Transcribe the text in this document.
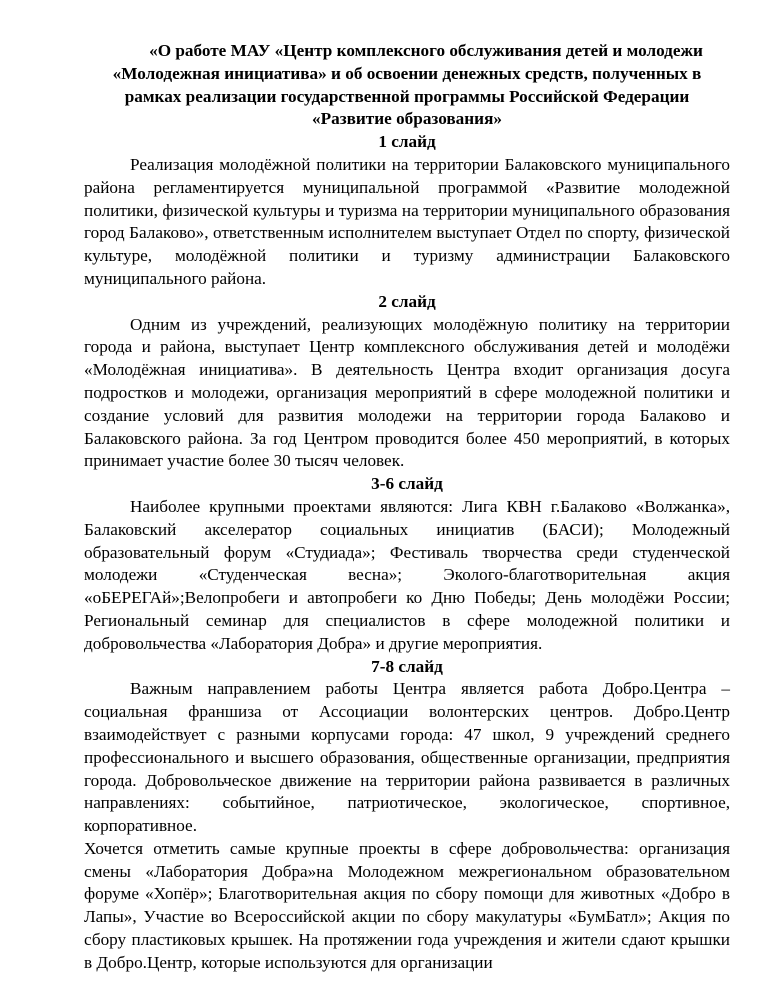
«О работе МАУ «Центр комплексного обслуживания детей и молодежи
«Молодежная инициатива» и об освоении денежных средств, полученных в рамках реализации государственной программы Российской Федерации «Развитие образования»
1 слайд

Реализация молодёжной политики на территории Балаковского муниципального района регламентируется муниципальной программой «Развитие молодежной политики, физической культуры и туризма на территории муниципального образования город Балаково», ответственным исполнителем выступает Отдел по спорту, физической культуре, молодёжной политики и туризму администрации Балаковского муниципального района.

2 слайд

Одним из учреждений, реализующих молодёжную политику на территории города и района, выступает Центр комплексного обслуживания детей и молодёжи «Молодёжная инициатива». В деятельность Центра входит организация досуга подростков и молодежи, организация мероприятий в сфере молодежной политики и создание условий для развития молодежи на территории города Балаково и Балаковского района. За год Центром проводится более 450 мероприятий, в которых принимает участие более 30 тысяч человек.

3-6 слайд

Наиболее крупными проектами являются: Лига КВН г.Балаково «Волжанка», Балаковский акселератор социальных инициатив (БАСИ); Молодежный образовательный форум «Студиада»; Фестиваль творчества среди студенческой молодежи «Студенческая весна»; Эколого-благотворительная акция «оБЕРЕГАй»;Велопробеги и автопробеги ко Дню Победы; День молодёжи России; Региональный семинар для специалистов в сфере молодежной политики и добровольчества «Лаборатория Добра» и другие мероприятия.

7-8 слайд

Важным направлением работы Центра является работа Добро.Центра – социальная франшиза от Ассоциации волонтерских центров. Добро.Центр взаимодействует с разными корпусами города: 47 школ, 9 учреждений среднего профессионального и высшего образования, общественные организации, предприятия города. Добровольческое движение на территории района развивается в различных направлениях: событийное, патриотическое, экологическое, спортивное, корпоративное.

Хочется отметить самые крупные проекты в сфере добровольчества: организация смены «Лаборатория Добра»на Молодежном межрегиональном образовательном форуме «Хопёр»; Благотворительная акция по сбору помощи для животных «Добро в Лапы», Участие во Всероссийской акции по сбору макулатуры «БумБатл»; Акция по сбору пластиковых крышек. На протяжении года учреждения и жители сдают крышки в Добро.Центр, которые используются для организации
